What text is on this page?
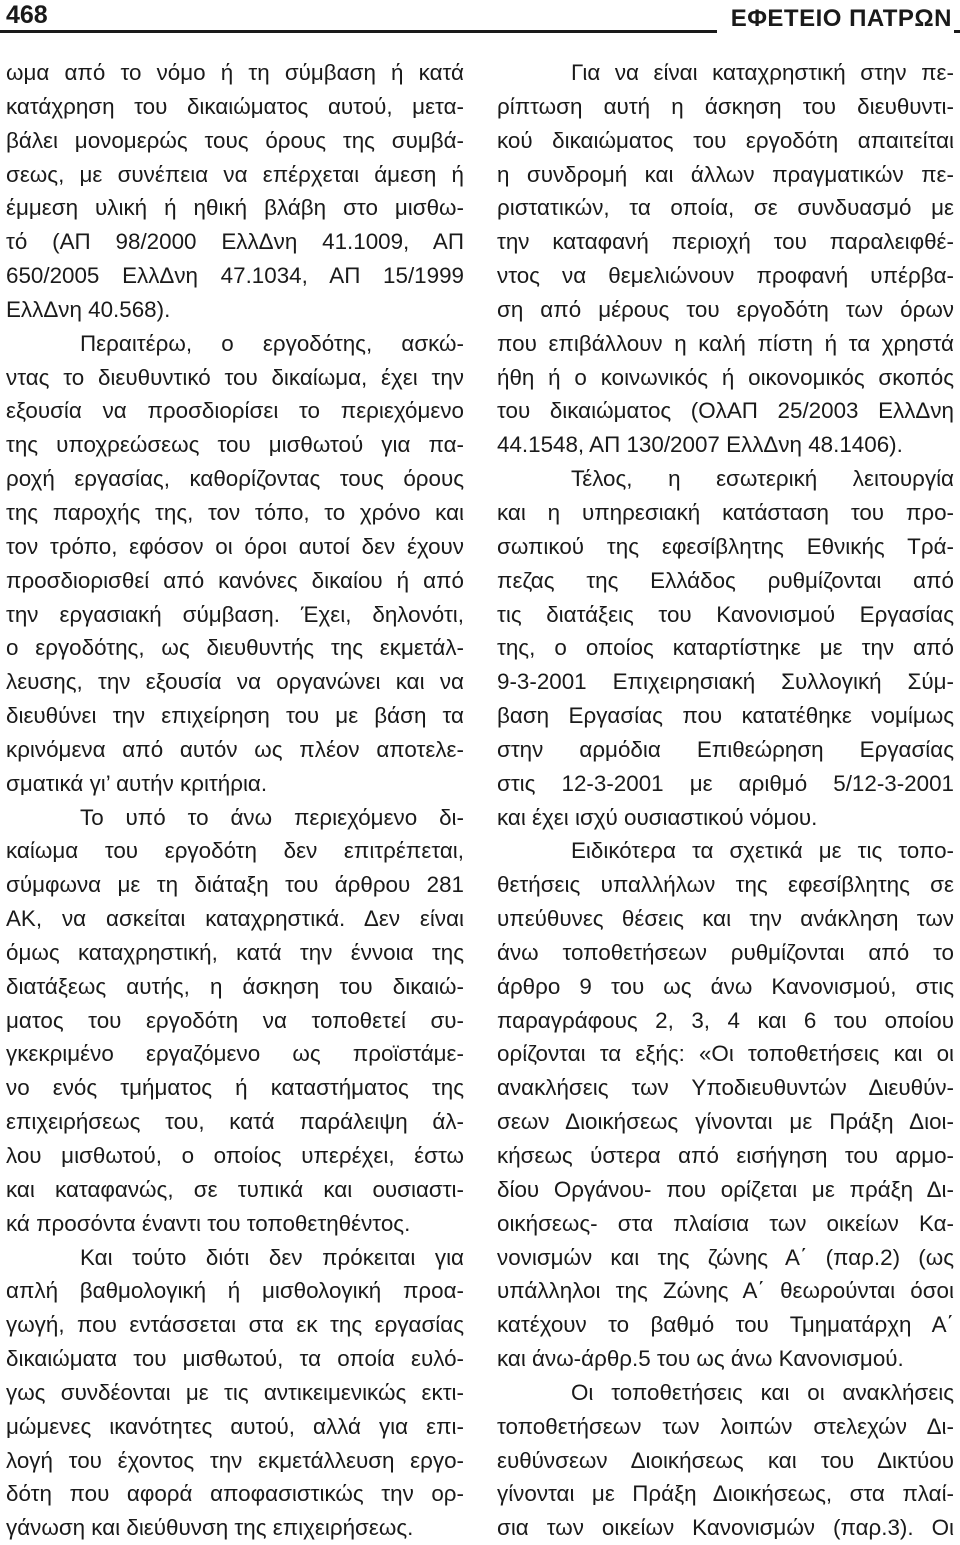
468	ΕΦΕΤΕΙΟ ΠΑΤΡΩΝ

ωμα από το νόμο ή τη σύμβαση ή κατά
κατάχρηση του δικαιώματος αυτού, μετα-
βάλει μονομερώς τους όρους της συμβά-
σεως, με συνέπεια να επέρχεται άμεση ή
έμμεση υλική ή ηθική βλάβη στο μισθω-
τό (ΑΠ 98/2000 ΕλλΔνη 41.1009, ΑΠ
650/2005 ΕλλΔνη 47.1034, ΑΠ 15/1999
ΕλλΔνη 40.568).

Περαιτέρω, ο εργοδότης, ασκώ-
ντας το διευθυντικό του δικαίωμα, έχει την
εξουσία να προσδιορίσει το περιεχόμενο
της υποχρεώσεως του μισθωτού για πα-
ροχή εργασίας, καθορίζοντας τους όρους
της παροχής της, τον τόπο, το χρόνο και
τον τρόπο, εφόσον οι όροι αυτοί δεν έχουν
προσδιορισθεί από κανόνες δικαίου ή από
την εργασιακή σύμβαση. Έχει, δηλονότι,
ο εργοδότης, ως διευθυντής της εκμετάλ-
λευσης, την εξουσία να οργανώνει και να
διευθύνει την επιχείρηση του με βάση τα
κρινόμενα από αυτόν ως πλέον αποτελε-
σματικά γι’ αυτήν κριτήρια.

Το υπό το άνω περιεχόμενο δι-
καίωμα του εργοδότη δεν επιτρέπεται,
σύμφωνα με τη διάταξη του άρθρου 281
ΑΚ, να ασκείται καταχρηστικά. Δεν είναι
όμως καταχρηστική, κατά την έννοια της
διατάξεως αυτής, η άσκηση του δικαιώ-
ματος του εργοδότη να τοποθετεί συ-
γκεκριμένο εργαζόμενο ως προϊστάμε-
νο ενός τμήματος ή καταστήματος της
επιχειρήσεως του, κατά παράλειψη άλ-
λου μισθωτού, ο οποίος υπερέχει, έστω
και καταφανώς, σε τυπικά και ουσιαστι-
κά προσόντα έναντι του τοποθετηθέντος.

Και τούτο διότι δεν πρόκειται για
απλή βαθμολογική ή μισθολογική προα-
γωγή, που εντάσσεται στα εκ της εργασίας
δικαιώματα του μισθωτού, τα οποία ευλό-
γως συνδέονται με τις αντικειμενικώς εκτι-
μώμενες ικανότητες αυτού, αλλά για επι-
λογή του έχοντος την εκμετάλλευση εργο-
δότη που αφορά αποφασιστικώς την ορ-
γάνωση και διεύθυνση της επιχειρήσεως.

Για να είναι καταχρηστική στην πε-
ρίπτωση αυτή η άσκηση του διευθυντι-
κού δικαιώματος του εργοδότη απαιτείται
η συνδρομή και άλλων πραγματικών πε-
ριστατικών, τα οποία, σε συνδυασμό με
την καταφανή περιοχή του παραλειφθέ-
ντος να θεμελιώνουν προφανή υπέρβα-
ση από μέρους του εργοδότη των όρων
που επιβάλλουν η καλή πίστη ή τα χρηστά
ήθη ή ο κοινωνικός ή οικονομικός σκοπός
του δικαιώματος (ΟλΑΠ 25/2003 ΕλλΔνη
44.1548, ΑΠ 130/2007 ΕλλΔνη 48.1406).

Τέλος, η εσωτερική λειτουργία
και η υπηρεσιακή κατάσταση του προ-
σωπικού της εφεσίβλητης Εθνικής Τρά-
πεζας της Ελλάδος ρυθμίζονται από
τις διατάξεις του Κανονισμού Εργασίας
της, ο οποίος καταρτίστηκε με την από
9-3-2001 Επιχειρησιακή Συλλογική Σύμ-
βαση Εργασίας που κατατέθηκε νομίμως
στην αρμόδια Επιθεώρηση Εργασίας
στις 12-3-2001 με αριθμό 5/12-3-2001
και έχει ισχύ ουσιαστικού νόμου.

Ειδικότερα τα σχετικά με τις τοπο-
θετήσεις υπαλλήλων της εφεσίβλητης σε
υπεύθυνες θέσεις και την ανάκληση των
άνω τοποθετήσεων ρυθμίζονται από το
άρθρο 9 του ως άνω Κανονισμού, στις
παραγράφους 2, 3, 4 και 6 του οποίου
ορίζονται τα εξής: «Οι τοποθετήσεις και οι
ανακλήσεις των Υποδιευθυντών Διευθύν-
σεων Διοικήσεως γίνονται με Πράξη Διοι-
κήσεως ύστερα από εισήγηση του αρμο-
δίου Οργάνου- που ορίζεται με πράξη Δι-
οικήσεως- στα πλαίσια των οικείων Κα-
νονισμών και της ζώνης Α΄ (παρ.2) (ως
υπάλληλοι της Ζώνης Α΄ θεωρούνται όσοι
κατέχουν το βαθμό του Τμηματάρχη Α΄
και άνω-άρθρ.5 του ως άνω Κανονισμού.

Οι τοποθετήσεις και οι ανακλήσεις
τοποθετήσεων των λοιπών στελεχών Δι-
ευθύνσεων Διοικήσεως και του Δικτύου
γίνονται με Πράξη Διοικήσεως, στα πλαί-
σια των οικείων Κανονισμών (παρ.3). Οι
